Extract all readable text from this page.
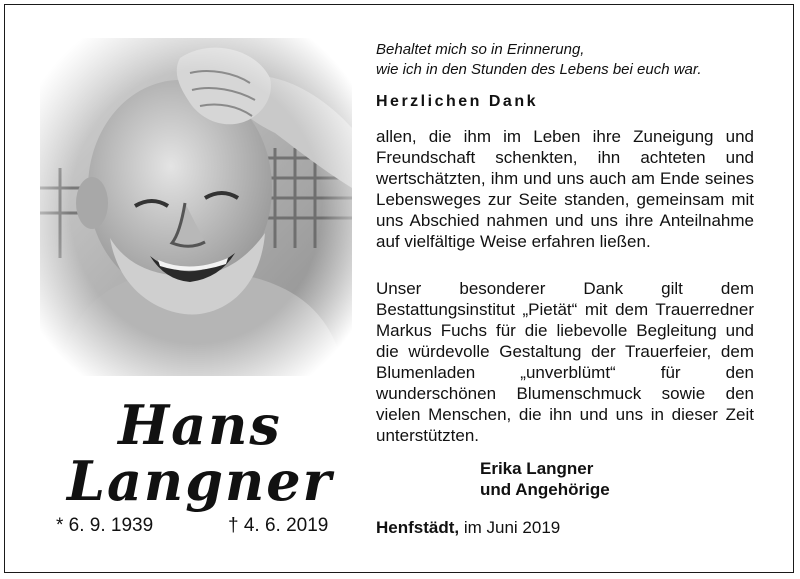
Hans
Langner
* 6. 9. 1939	† 4. 6. 2019
Behaltet mich so in Erinnerung,
wie ich in den Stunden des Lebens bei euch war.
Herzlichen Dank
allen, die ihm im Leben ihre Zuneigung und Freundschaft schenkten, ihn achteten und wertschätzten, ihm und uns auch am Ende seines Lebensweges zur Seite standen, gemeinsam mit uns Abschied nahmen und uns ihre Anteilnahme auf vielfältige Weise erfahren ließen.
Unser besonderer Dank gilt dem Bestattungsinstitut „Pietät“ mit dem Trauerredner Markus Fuchs für die liebevolle Begleitung und die würdevolle Gestaltung der Trauerfeier, dem Blumenladen „unverblümt“ für den wunderschönen Blumenschmuck sowie den vielen Menschen, die ihn und uns in dieser Zeit unterstützten.
Erika Langner
und Angehörige
Henfstädt, im Juni 2019
